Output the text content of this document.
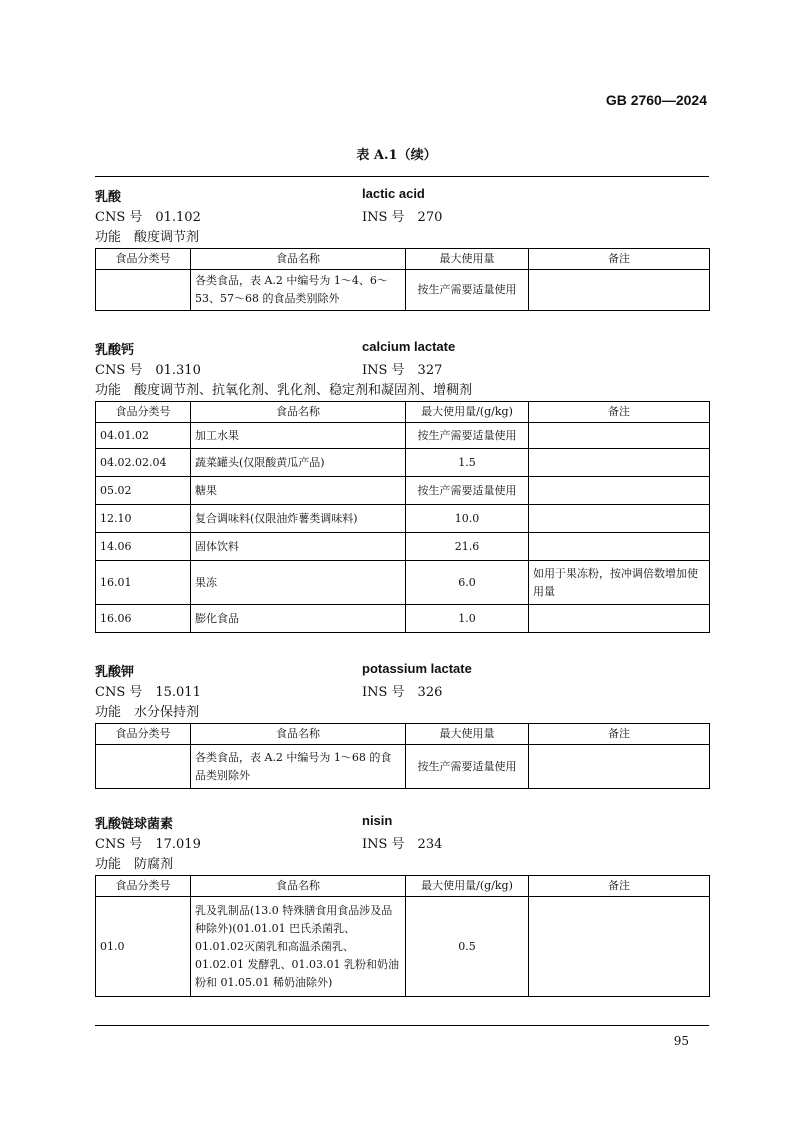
GB 2760—2024
表 A.1（续）
乳酸	lactic acid
CNS 号　01.102	INS 号　270
功能　酸度调节剂
食品分类号	食品名称	最大使用量	备注
	各类食品，表 A.2 中编号为 1～4、6～53、57～68 的食品类别除外	按生产需要适量使用	
乳酸钙	calcium lactate
CNS 号　01.310	INS 号　327
功能　酸度调节剂、抗氧化剂、乳化剂、稳定剂和凝固剂、增稠剂
食品分类号	食品名称	最大使用量/(g/kg)	备注
04.01.02	加工水果	按生产需要适量使用	
04.02.02.04	蔬菜罐头(仅限酸黄瓜产品)	1.5	
05.02	糖果	按生产需要适量使用	
12.10	复合调味料(仅限油炸薯类调味料)	10.0	
14.06	固体饮料	21.6	
16.01	果冻	6.0	如用于果冻粉，按冲调倍数增加使用量
16.06	膨化食品	1.0	
乳酸钾	potassium lactate
CNS 号　15.011	INS 号　326
功能　水分保持剂
食品分类号	食品名称	最大使用量	备注
	各类食品，表 A.2 中编号为 1～68 的食品类别除外	按生产需要适量使用	
乳酸链球菌素	nisin
CNS 号　17.019	INS 号　234
功能　防腐剂
食品分类号	食品名称	最大使用量/(g/kg)	备注
01.0	乳及乳制品(13.0 特殊膳食用食品涉及品种除外)(01.01.01 巴氏杀菌乳、01.01.02灭菌乳和高温杀菌乳、01.02.01 发酵乳、01.03.01 乳粉和奶油粉和 01.05.01 稀奶油除外)	0.5	
95
